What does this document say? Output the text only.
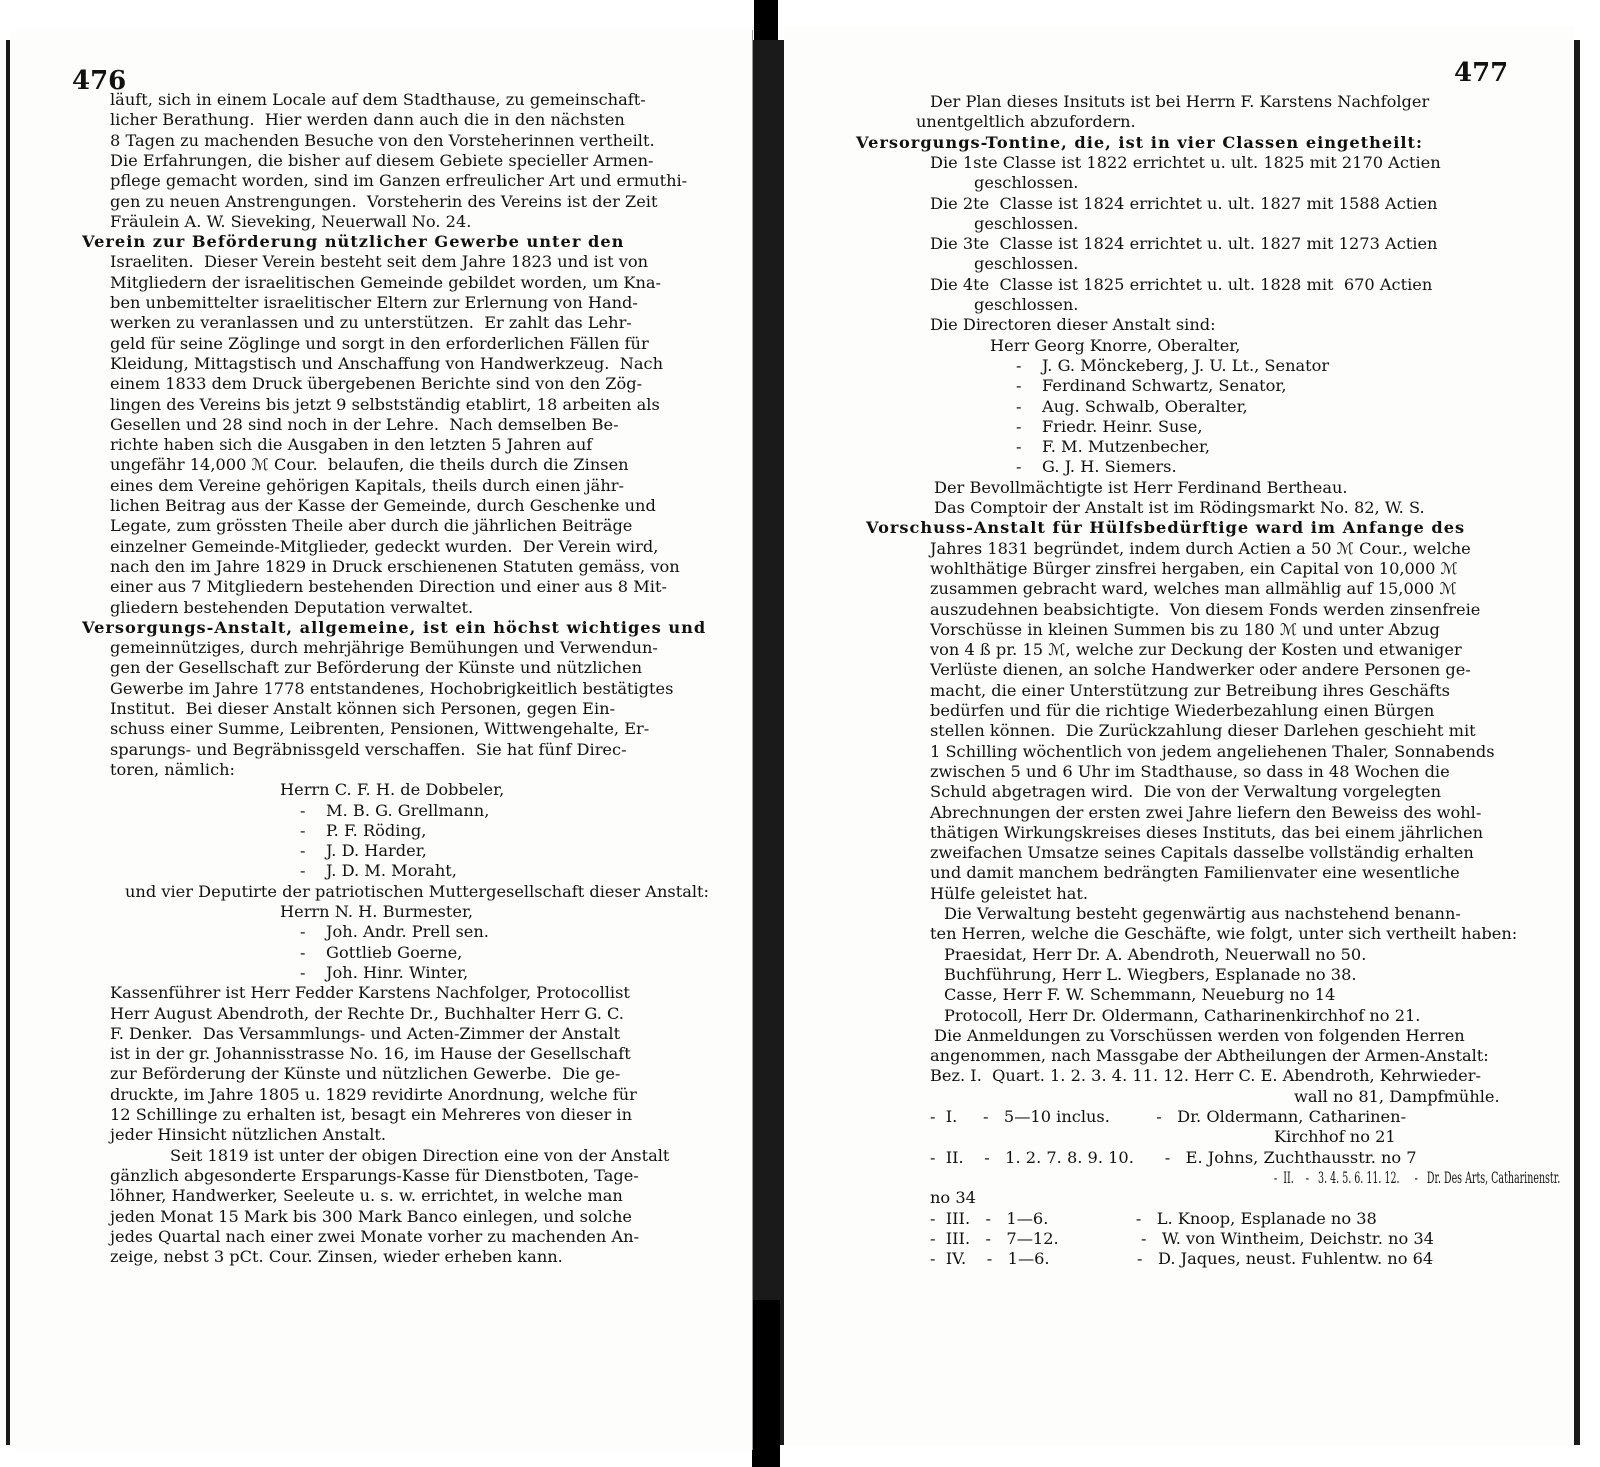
476
läuft, sich in einem Locale auf dem Stadthause, zu gemeinschaft-
licher Berathung.  Hier werden dann auch die in den nächsten
8 Tagen zu machenden Besuche von den Vorsteherinnen vertheilt.
Die Erfahrungen, die bisher auf diesem Gebiete specieller Armen-
pflege gemacht worden, sind im Ganzen erfreulicher Art und ermuthi-
gen zu neuen Anstrengungen.  Vorsteherin des Vereins ist der Zeit
Fräulein A. W. Sieveking, Neuerwall No. 24.
Verein zur Beförderung nützlicher Gewerbe unter den
Israeliten.  Dieser Verein besteht seit dem Jahre 1823 und ist von
Mitgliedern der israelitischen Gemeinde gebildet worden, um Kna-
ben unbemittelter israelitischer Eltern zur Erlernung von Hand-
werken zu veranlassen und zu unterstützen.  Er zahlt das Lehr-
geld für seine Zöglinge und sorgt in den erforderlichen Fällen für
Kleidung, Mittagstisch und Anschaffung von Handwerkzeug.  Nach
einem 1833 dem Druck übergebenen Berichte sind von den Zög-
lingen des Vereins bis jetzt 9 selbstständig etablirt, 18 arbeiten als
Gesellen und 28 sind noch in der Lehre.  Nach demselben Be-
richte haben sich die Ausgaben in den letzten 5 Jahren auf
ungefähr 14,000 ℳ Cour.  belaufen, die theils durch die Zinsen
eines dem Vereine gehörigen Kapitals, theils durch einen jähr-
lichen Beitrag aus der Kasse der Gemeinde, durch Geschenke und
Legate, zum grössten Theile aber durch die jährlichen Beiträge
einzelner Gemeinde-Mitglieder, gedeckt wurden.  Der Verein wird,
nach den im Jahre 1829 in Druck erschienenen Statuten gemäss, von
einer aus 7 Mitgliedern bestehenden Direction und einer aus 8 Mit-
gliedern bestehenden Deputation verwaltet.
Versorgungs-Anstalt, allgemeine, ist ein höchst wichtiges und
gemeinnütziges, durch mehrjährige Bemühungen und Verwendun-
gen der Gesellschaft zur Beförderung der Künste und nützlichen
Gewerbe im Jahre 1778 entstandenes, Hochobrigkeitlich bestätigtes
Institut.  Bei dieser Anstalt können sich Personen, gegen Ein-
schuss einer Summe, Leibrenten, Pensionen, Wittwengehalte, Er-
sparungs- und Begräbnissgeld verschaffen.  Sie hat fünf Direc-
toren, nämlich:
Herrn C. F. H. de Dobbeler,
-    M. B. G. Grellmann,
-    P. F. Röding,
-    J. D. Harder,
-    J. D. M. Moraht,
und vier Deputirte der patriotischen Muttergesellschaft dieser Anstalt:
Herrn N. H. Burmester,
-    Joh. Andr. Prell sen.
-    Gottlieb Goerne,
-    Joh. Hinr. Winter,
Kassenführer ist Herr Fedder Karstens Nachfolger, Protocollist
Herr August Abendroth, der Rechte Dr., Buchhalter Herr G. C.
F. Denker.  Das Versammlungs- und Acten-Zimmer der Anstalt
ist in der gr. Johannisstrasse No. 16, im Hause der Gesellschaft
zur Beförderung der Künste und nützlichen Gewerbe.  Die ge-
druckte, im Jahre 1805 u. 1829 revidirte Anordnung, welche für
12 Schillinge zu erhalten ist, besagt ein Mehreres von dieser in
jeder Hinsicht nützlichen Anstalt.
Seit 1819 ist unter der obigen Direction eine von der Anstalt
gänzlich abgesonderte Ersparungs-Kasse für Dienstboten, Tage-
löhner, Handwerker, Seeleute u. s. w. errichtet, in welche man
jeden Monat 15 Mark bis 300 Mark Banco einlegen, und solche
jedes Quartal nach einer zwei Monate vorher zu machenden An-
zeige, nebst 3 pCt. Cour. Zinsen, wieder erheben kann.
477
Der Plan dieses Insituts ist bei Herrn F. Karstens Nachfolger
unentgeltlich abzufordern.
Versorgungs-Tontine, die, ist in vier Classen eingetheilt:
Die 1ste Classe ist 1822 errichtet u. ult. 1825 mit 2170 Actien
geschlossen.
Die 2te  Classe ist 1824 errichtet u. ult. 1827 mit 1588 Actien
geschlossen.
Die 3te  Classe ist 1824 errichtet u. ult. 1827 mit 1273 Actien
geschlossen.
Die 4te  Classe ist 1825 errichtet u. ult. 1828 mit  670 Actien
geschlossen.
Die Directoren dieser Anstalt sind:
Herr Georg Knorre, Oberalter,
-    J. G. Mönckeberg, J. U. Lt., Senator
-    Ferdinand Schwartz, Senator,
-    Aug. Schwalb, Oberalter,
-    Friedr. Heinr. Suse,
-    F. M. Mutzenbecher,
-    G. J. H. Siemers.
Der Bevollmächtigte ist Herr Ferdinand Bertheau.
Das Comptoir der Anstalt ist im Rödingsmarkt No. 82, W. S.
Vorschuss-Anstalt für Hülfsbedürftige ward im Anfange des
Jahres 1831 begründet, indem durch Actien a 50 ℳ Cour., welche
wohlthätige Bürger zinsfrei hergaben, ein Capital von 10,000 ℳ
zusammen gebracht ward, welches man allmählig auf 15,000 ℳ
auszudehnen beabsichtigte.  Von diesem Fonds werden zinsenfreie
Vorschüsse in kleinen Summen bis zu 180 ℳ und unter Abzug
von 4 ß pr. 15 ℳ, welche zur Deckung der Kosten und etwaniger
Verlüste dienen, an solche Handwerker oder andere Personen ge-
macht, die einer Unterstützung zur Betreibung ihres Geschäfts
bedürfen und für die richtige Wiederbezahlung einen Bürgen
stellen können.  Die Zurückzahlung dieser Darlehen geschieht mit
1 Schilling wöchentlich von jedem angeliehenen Thaler, Sonnabends
zwischen 5 und 6 Uhr im Stadthause, so dass in 48 Wochen die
Schuld abgetragen wird.  Die von der Verwaltung vorgelegten
Abrechnungen der ersten zwei Jahre liefern den Beweiss des wohl-
thätigen Wirkungskreises dieses Instituts, das bei einem jährlichen
zweifachen Umsatze seines Capitals dasselbe vollständig erhalten
und damit manchem bedrängten Familienvater eine wesentliche
Hülfe geleistet hat.
Die Verwaltung besteht gegenwärtig aus nachstehend benann-
ten Herren, welche die Geschäfte, wie folgt, unter sich vertheilt haben:
Praesidat, Herr Dr. A. Abendroth, Neuerwall no 50.
Buchführung, Herr L. Wiegbers, Esplanade no 38.
Casse, Herr F. W. Schemmann, Neueburg no 14
Protocoll, Herr Dr. Oldermann, Catharinenkirchhof no 21.
Die Anmeldungen zu Vorschüssen werden von folgenden Herren
angenommen, nach Massgabe der Abtheilungen der Armen-Anstalt:
Bez. I.  Quart. 1. 2. 3. 4. 11. 12. Herr C. E. Abendroth, Kehrwieder-
wall no 81, Dampfmühle.
-  I.     -   5—10 inclus.         -   Dr. Oldermann, Catharinen-
Kirchhof no 21
-  II.    -   1. 2. 7. 8. 9. 10.      -   E. Johns, Zuchthausstr. no 7
-  II.    -   3. 4. 5. 6. 11. 12.     -   Dr. Des Arts, Catharinenstr.
no 34
-  III.   -   1—6.                 -   L. Knoop, Esplanade no 38
-  III.   -   7—12.                -   W. von Wintheim, Deichstr. no 34
-  IV.    -   1—6.                 -   D. Jaques, neust. Fuhlentw. no 64
